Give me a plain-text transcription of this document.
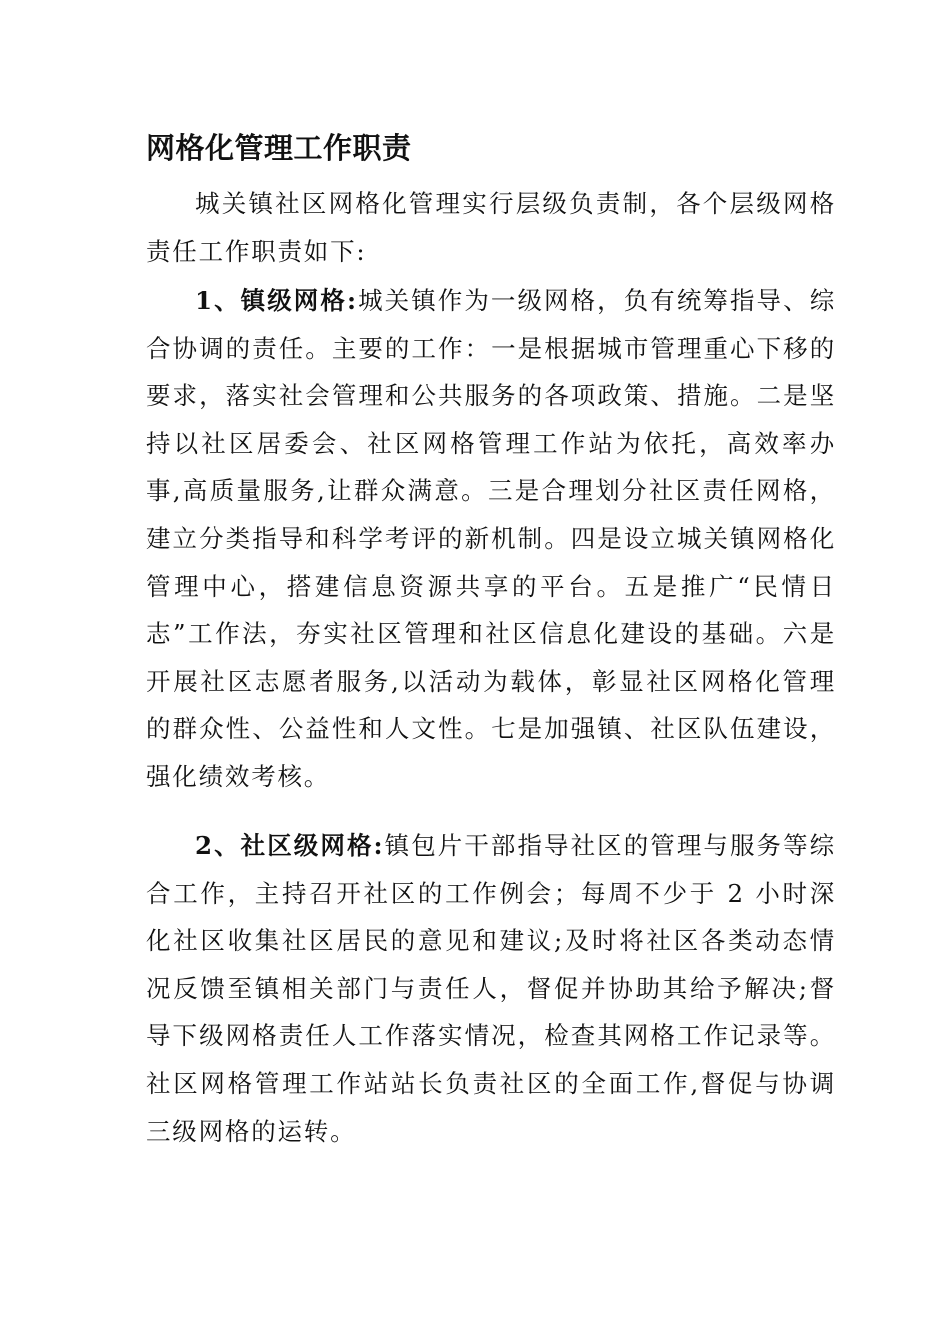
网格化管理工作职责

城关镇社区网格化管理实行层级负责制，各个层级网格责任工作职责如下:

1、镇级网格:城关镇作为一级网格，负有统筹指导、综合协调的责任。主要的工作：一是根据城市管理重心下移的要求，落实社会管理和公共服务的各项政策、措施。二是坚持以社区居委会、社区网格管理工作站为依托，高效率办事,高质量服务,让群众满意。三是合理划分社区责任网格，建立分类指导和科学考评的新机制。四是设立城关镇网格化管理中心，搭建信息资源共享的平台。五是推广“民情日志”工作法，夯实社区管理和社区信息化建设的基础。六是开展社区志愿者服务,以活动为载体，彰显社区网格化管理的群众性、公益性和人文性。七是加强镇、社区队伍建设，强化绩效考核。

2、社区级网格:镇包片干部指导社区的管理与服务等综合工作，主持召开社区的工作例会；每周不少于 2 小时深化社区收集社区居民的意见和建议;及时将社区各类动态情况反馈至镇相关部门与责任人，督促并协助其给予解决;督导下级网格责任人工作落实情况，检查其网格工作记录等。社区网格管理工作站站长负责社区的全面工作,督促与协调三级网格的运转。
